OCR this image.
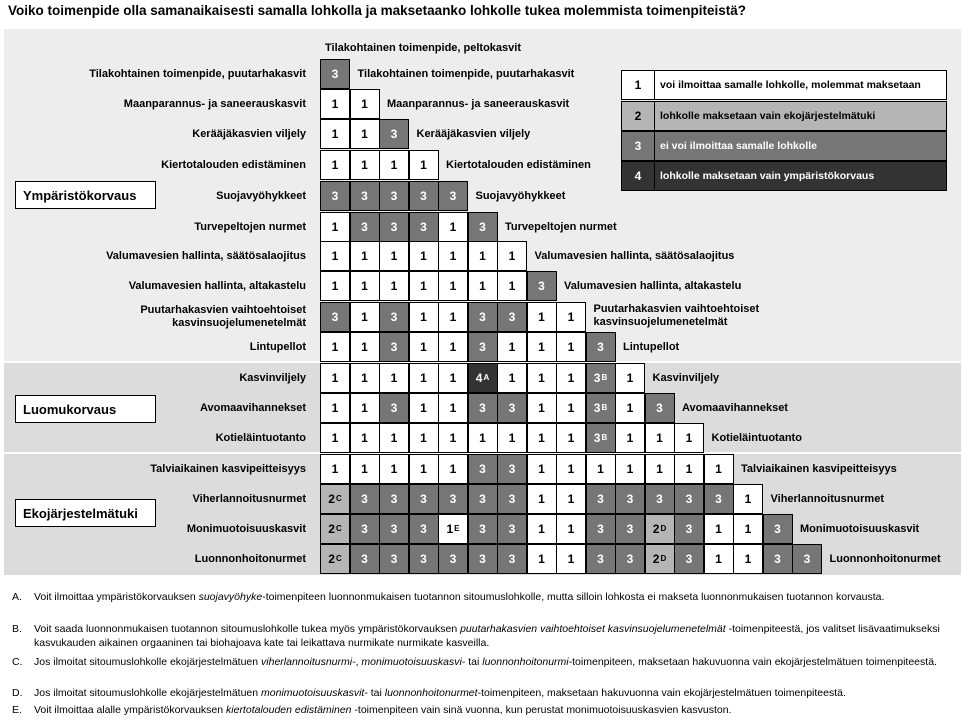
Voiko toimenpide olla samanaikaisesti samalla lohkolla ja maksetaanko lohkolle tukea molemmista toimenpiteistä?
Tilakohtainen toimenpide, puutarhakasvit 3 Tilakohtainen toimenpide, puutarhakasvit
Maanparannus- ja saneerauskasvit 1 1 Maanparannus- ja saneerauskasvit
Kerääjäkasvien viljely 1 1 3 Kerääjäkasvien viljely
Kiertotalouden edistäminen 1 1 1 1 Kiertotalouden edistäminen
Suojavyöhykkeet 3 3 3 3 3 Suojavyöhykkeet
Turvepeltojen nurmet 1 3 3 3 1 3 Turvepeltojen nurmet
Valumavesien hallinta, säätösalaojitus 1 1 1 1 1 1 1 Valumavesien hallinta, säätösalaojitus
Valumavesien hallinta, altakastelu 1 1 1 1 1 1 1 3 Valumavesien hallinta, altakastelu
Puutarhakasvien vaihtoehtoiset
kasvinsuojelumenetelmät 3 1 3 1 1 3 3 1 1
Puutarhakasvien vaihtoehtoiset
kasvinsuojelumenetelmät
Lintupellot 1 1 3 1 1 3 1 1 1 3 Lintupellot
Kasvinviljely 1 1 1 1 1 $4^A$ 1 1 1 $3^B$ 1 Kasvinviljely
Avomaavihannekset 1 1 3 1 1 3 3 1 1 $3^B$ 1 3 Avomaavihannekset
Kotieläintuotanto 1 1 1 1 1 1 1 1 1 $3^B$ 1 1 1 Kotieläintuotanto
Talviaikainen kasvipeitteisyys 1 1 1 1 1 3 3 1 1 1 1 1 1 1 Talviaikainen kasvipeitteisyys
Viherlannoitusnurmet $2^C$ 3 3 3 3 3 3 1 1 3 3 3 3 3 1 Viherlannoitusnurmet
Monimuotoisuuskasvit $2^C$ 3 3 3 $1^E$ 3 3 1 1 3 3 $2^D$ 3 1 1 3 Monimuotoisuuskasvit
Luonnonhoitonurmet $2^C$ 3 3 3 3 3 3 1 1 3 3 $2^D$ 3 1 1 3 3 Luonnonhoitonurmet
Tilakohtainen toimenpide, peltokasvit
Ympäristökorvaus
Luomukorvaus
Ekojärjestelmätuki
1	voi ilmoittaa samalle lohkolle, molemmat maksetaan
2	lohkolle maksetaan vain ekojärjestelmätuki
3	ei voi ilmoittaa samalle lohkolle
4	lohkolle maksetaan vain ympäristökorvaus
A. Voit ilmoittaa ympäristökorvauksen suojavyöhyke-toimenpiteen luonnonmukaisen tuotannon sitoumuslohkolle, mutta silloin lohkosta ei makseta luonnonmukaisen tuotannon korvausta.
B. Voit saada luonnonmukaisen tuotannon sitoumuslohkolle tukea myös ympäristökorvauksen puutarhakasvien vaihtoehtoiset kasvinsuojelumenetelmät -toimenpiteestä, jos valitset lisävaatimukseksi kasvukauden aikainen orgaaninen tai biohajoava kate tai leikattava nurmikate nurmikate kasveilla.
C. Jos ilmoitat sitoumuslohkolle ekojärjestelmätuen viherlannoitusnurmi-, monimuotoisuuskasvi- tai luonnonhoitonurmi-toimenpiteen, maksetaan hakuvuonna vain ekojärjestelmätuen toimenpiteestä.
D. Jos ilmoitat sitoumuslohkolle ekojärjestelmätuen monimuotoisuuskasvit- tai luonnonhoitonurmet-toimenpiteen, maksetaan hakuvuonna vain ekojärjestelmätuen toimenpiteestä.
E. Voit ilmoittaa alalle ympäristökorvauksen kiertotalouden edistäminen -toimenpiteen vain sinä vuonna, kun perustat monimuotoisuuskasvien kasvuston.
